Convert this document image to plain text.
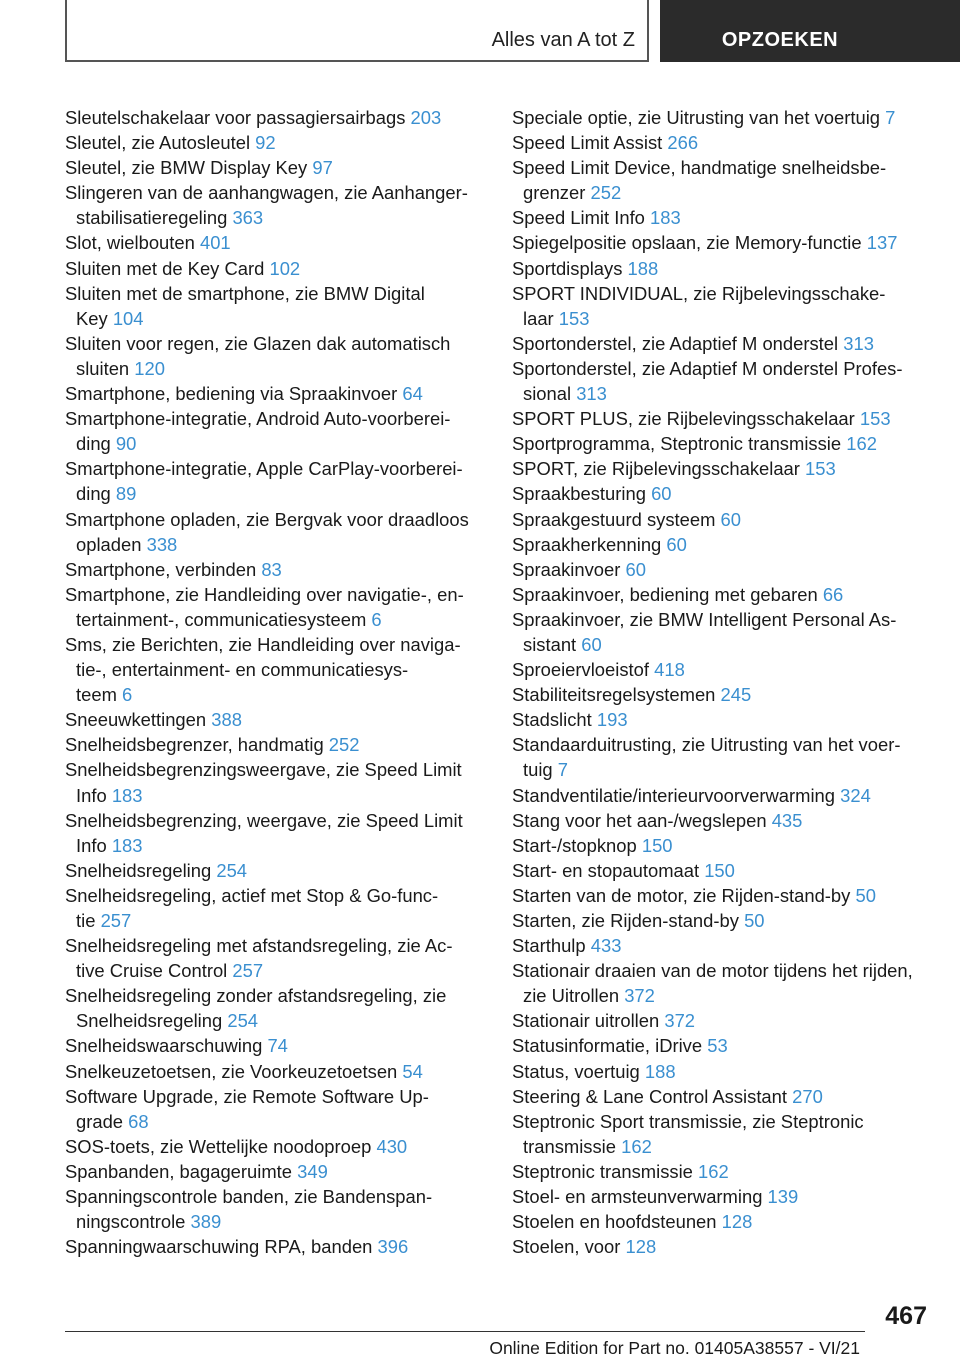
Alles van A tot Z	OPZOEKEN
Sleutelschakelaar voor passagiersairbags 203
Sleutel, zie Autosleutel 92
Sleutel, zie BMW Display Key 97
Slingeren van de aanhangwagen, zie Aanhanger-
stabilisatieregeling 363
Slot, wielbouten 401
Sluiten met de Key Card 102
Sluiten met de smartphone, zie BMW Digital
Key 104
Sluiten voor regen, zie Glazen dak automatisch
sluiten 120
Smartphone, bediening via Spraakinvoer 64
Smartphone-integratie, Android Auto-voorberei-
ding 90
Smartphone-integratie, Apple CarPlay-voorberei-
ding 89
Smartphone opladen, zie Bergvak voor draadloos
opladen 338
Smartphone, verbinden 83
Smartphone, zie Handleiding over navigatie-, en-
tertainment-, communicatiesysteem 6
Sms, zie Berichten, zie Handleiding over naviga-
tie-, entertainment- en communicatiesys-
teem 6
Sneeuwkettingen 388
Snelheidsbegrenzer, handmatig 252
Snelheidsbegrenzingsweergave, zie Speed Limit
Info 183
Snelheidsbegrenzing, weergave, zie Speed Limit
Info 183
Snelheidsregeling 254
Snelheidsregeling, actief met Stop & Go-func-
tie 257
Snelheidsregeling met afstandsregeling, zie Ac-
tive Cruise Control 257
Snelheidsregeling zonder afstandsregeling, zie
Snelheidsregeling 254
Snelheidswaarschuwing 74
Snelkeuzetoetsen, zie Voorkeuzetoetsen 54
Software Upgrade, zie Remote Software Up-
grade 68
SOS-toets, zie Wettelijke noodoproep 430
Spanbanden, bagageruimte 349
Spanningscontrole banden, zie Bandenspan-
ningscontrole 389
Spanningwaarschuwing RPA, banden 396
Speciale optie, zie Uitrusting van het voertuig 7
Speed Limit Assist 266
Speed Limit Device, handmatige snelheidsbe-
grenzer 252
Speed Limit Info 183
Spiegelpositie opslaan, zie Memory-functie 137
Sportdisplays 188
SPORT INDIVIDUAL, zie Rijbelevingsschake-
laar 153
Sportonderstel, zie Adaptief M onderstel 313
Sportonderstel, zie Adaptief M onderstel Profes-
sional 313
SPORT PLUS, zie Rijbelevingsschakelaar 153
Sportprogramma, Steptronic transmissie 162
SPORT, zie Rijbelevingsschakelaar 153
Spraakbesturing 60
Spraakgestuurd systeem 60
Spraakherkenning 60
Spraakinvoer 60
Spraakinvoer, bediening met gebaren 66
Spraakinvoer, zie BMW Intelligent Personal As-
sistant 60
Sproeiervloeistof 418
Stabiliteitsregelsystemen 245
Stadslicht 193
Standaarduitrusting, zie Uitrusting van het voer-
tuig 7
Standventilatie/interieurvoorverwarming 324
Stang voor het aan-/wegslepen 435
Start-/stopknop 150
Start- en stopautomaat 150
Starten van de motor, zie Rijden-stand-by 50
Starten, zie Rijden-stand-by 50
Starthulp 433
Stationair draaien van de motor tijdens het rijden,
zie Uitrollen 372
Stationair uitrollen 372
Statusinformatie, iDrive 53
Status, voertuig 188
Steering & Lane Control Assistant 270
Steptronic Sport transmissie, zie Steptronic
transmissie 162
Steptronic transmissie 162
Stoel- en armsteunverwarming 139
Stoelen en hoofdsteunen 128
Stoelen, voor 128
467
Online Edition for Part no. 01405A38557 - VI/21
